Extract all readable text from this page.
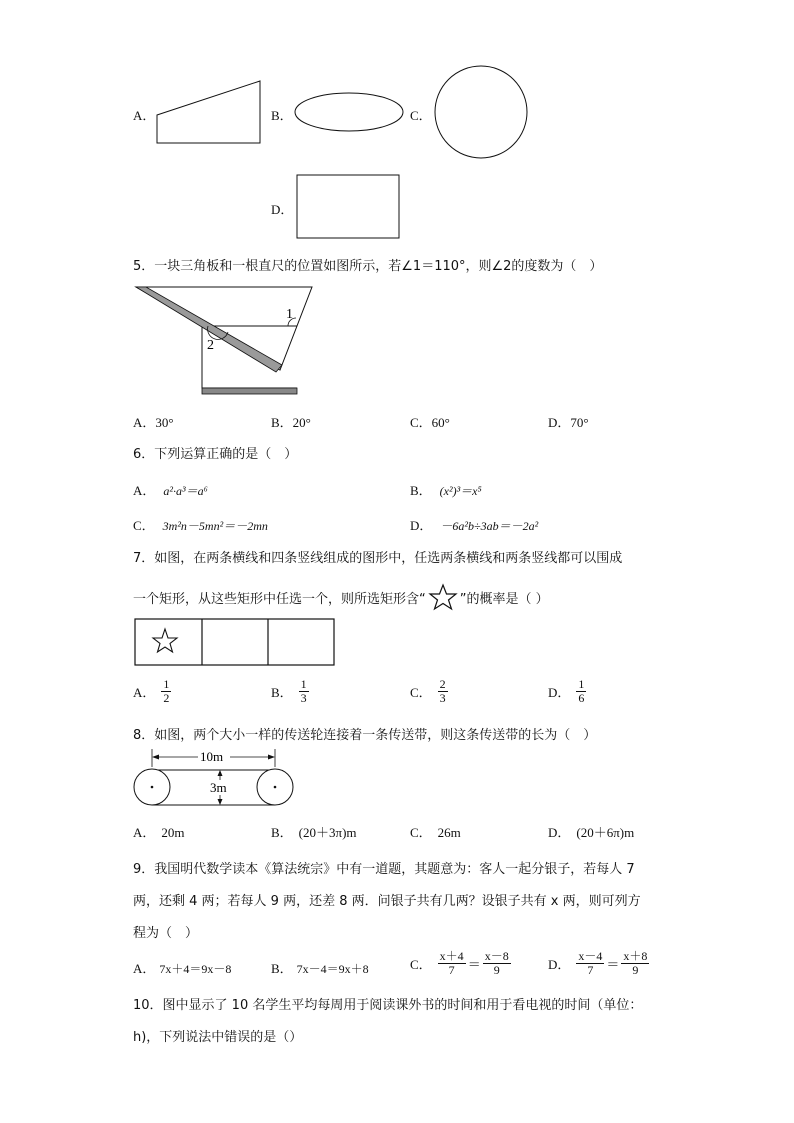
A．	B．	C．
D．
5．一块三角板和一根直尺的位置如图所示，若∠1＝110°，则∠2的度数为（　）
1
2
A．30°	B．20°	C．60°	D．70°
6．下列运算正确的是（　）
A． a²·a³＝a⁶	B． (x²)³＝x⁵
C． 3m²n－5mn²＝－2mn	D． －6a²b÷3ab＝－2a²
7．如图，在两条横线和四条竖线组成的图形中，任选两条横线和两条竖线都可以围成
一个矩形，从这些矩形中任选一个，则所选矩形含“	”的概率是（ ）
A． $\frac{1}{2}$	B． $\frac{1}{3}$	C． $\frac{2}{3}$	D． $\frac{1}{6}$
8．如图，两个大小一样的传送轮连接着一条传送带，则这条传送带的长为（　）
10m
3m
A． 20m	B． (20＋3π)m	C． 26m	D． (20＋6π)m
9．我国明代数学读本《算法统宗》中有一道题，其题意为：客人一起分银子，若每人 7
两，还剩 4 两；若每人 9 两，还差 8 两．问银子共有几两？设银子共有 x 两，则可列方
程为（　）
A． 7x＋4＝9x－8	B． 7x－4＝9x＋8	C． $\frac{x+4}{7} = \frac{x-8}{9}$	D． $\frac{x-4}{7} = \frac{x+8}{9}$
10．图中显示了 10 名学生平均每周用于阅读课外书的时间和用于看电视的时间（单位：
h)，下列说法中错误的是（）
